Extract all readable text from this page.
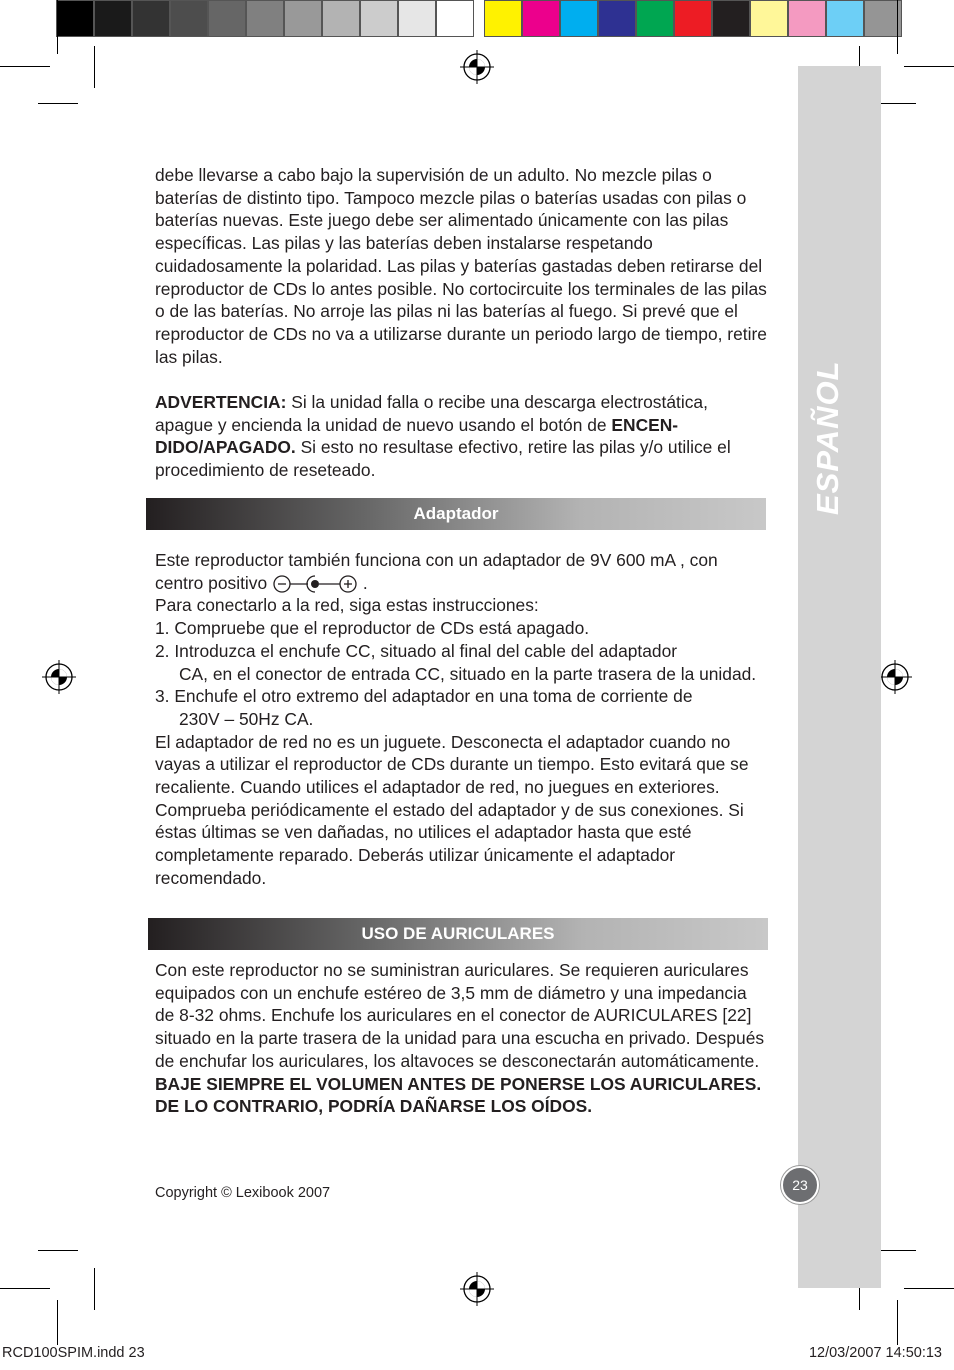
ESPAÑOL

debe llevarse a cabo bajo la supervisión de un adulto. No mezcle pilas o baterías de distinto tipo. Tampoco mezcle pilas o baterías usadas con pilas o baterías nuevas. Este juego debe ser alimentado únicamente con las pilas específicas. Las pilas y las baterías deben instalarse respetando cuidadosamente la polaridad. Las pilas y baterías gastadas deben retirarse del reproductor de CDs lo antes posible. No cortocircuite los terminales de las pilas o de las baterías. No arroje las pilas ni las baterías al fuego. Si prevé que el reproductor de CDs no va a utilizarse durante un periodo largo de tiempo, retire las pilas.

ADVERTENCIA: Si la unidad falla o recibe una descarga electrostática, apague y encienda la unidad de nuevo usando el botón de ENCEN-DIDO/APAGADO. Si esto no resultase efectivo, retire las pilas y/o utilice el procedimiento de reseteado.

Adaptador

Este reproductor también funciona con un adaptador de 9V 600 mA , con

centro positivo	.

Para conectarlo a la red, siga estas instrucciones:

1. Compruebe que el reproductor de CDs está apagado.

2. Introduzca el enchufe CC, situado al final del cable del adaptador

CA, en el conector de entrada CC, situado en la parte trasera de la unidad.

3. Enchufe el otro extremo del adaptador en una toma de corriente de

230V – 50Hz CA.

El adaptador de red no es un juguete. Desconecta el adaptador cuando no vayas a utilizar el reproductor de CDs durante un tiempo. Esto evitará que se recaliente. Cuando utilices el adaptador de red, no juegues en exteriores. Comprueba periódicamente el estado del adaptador y de sus conexiones. Si éstas últimas se ven dañadas, no utilices el adaptador hasta que esté completamente reparado. Deberás utilizar únicamente el adaptador recomendado.

USO DE AURICULARES

Con este reproductor no se suministran auriculares. Se requieren auriculares equipados con un enchufe estéreo de 3,5 mm de diámetro y una impedancia de 8-32 ohms. Enchufe los auriculares en el conector de AURICULARES [22] situado en la parte trasera de la unidad para una escucha en privado. Después de enchufar los auriculares, los altavoces se desconectarán automáticamente.

BAJE SIEMPRE EL VOLUMEN ANTES DE PONERSE LOS AURICULARES. DE LO CONTRARIO, PODRÍA DAÑARSE LOS OÍDOS.

Copyright © Lexibook 2007	23
RCD100SPIM.indd 23	12/03/2007 14:50:13
